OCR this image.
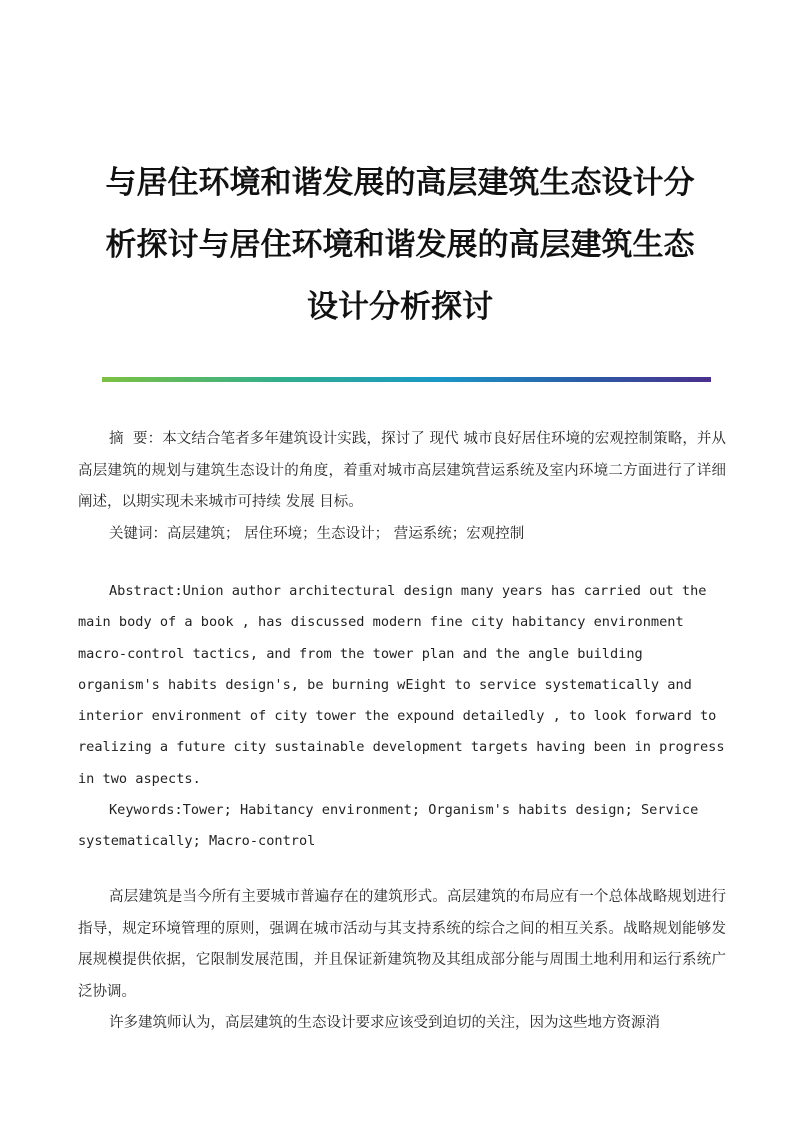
与居住环境和谐发展的高层建筑生态设计分
析探讨与居住环境和谐发展的高层建筑生态
设计分析探讨

摘  要：本文结合笔者多年建筑设计实践，探讨了 现代 城市良好居住环境的宏观控制策略，并从高层建筑的规划与建筑生态设计的角度，着重对城市高层建筑营运系统及室内环境二方面进行了详细阐述，以期实现未来城市可持续 发展 目标。

关键词：高层建筑； 居住环境；生态设计； 营运系统；宏观控制

Abstract:Union author architectural design many years has carried out the main body of a book , has discussed modern fine city habitancy environment macro-control tactics, and from the tower plan and the angle building organism's habits design's, be burning wEight to service systematically and interior environment of city tower the expound detailedly , to look forward to realizing a future city sustainable development targets having been in progress in two aspects.

Keywords:Tower; Habitancy environment; Organism's habits design; Service systematically; Macro-control

高层建筑是当今所有主要城市普遍存在的建筑形式。高层建筑的布局应有一个总体战略规划进行指导，规定环境管理的原则，强调在城市活动与其支持系统的综合之间的相互关系。战略规划能够发展规模提供依据，它限制发展范围，并且保证新建筑物及其组成部分能与周围土地利用和运行系统广泛协调。

许多建筑师认为，高层建筑的生态设计要求应该受到迫切的关注，因为这些地方资源消
